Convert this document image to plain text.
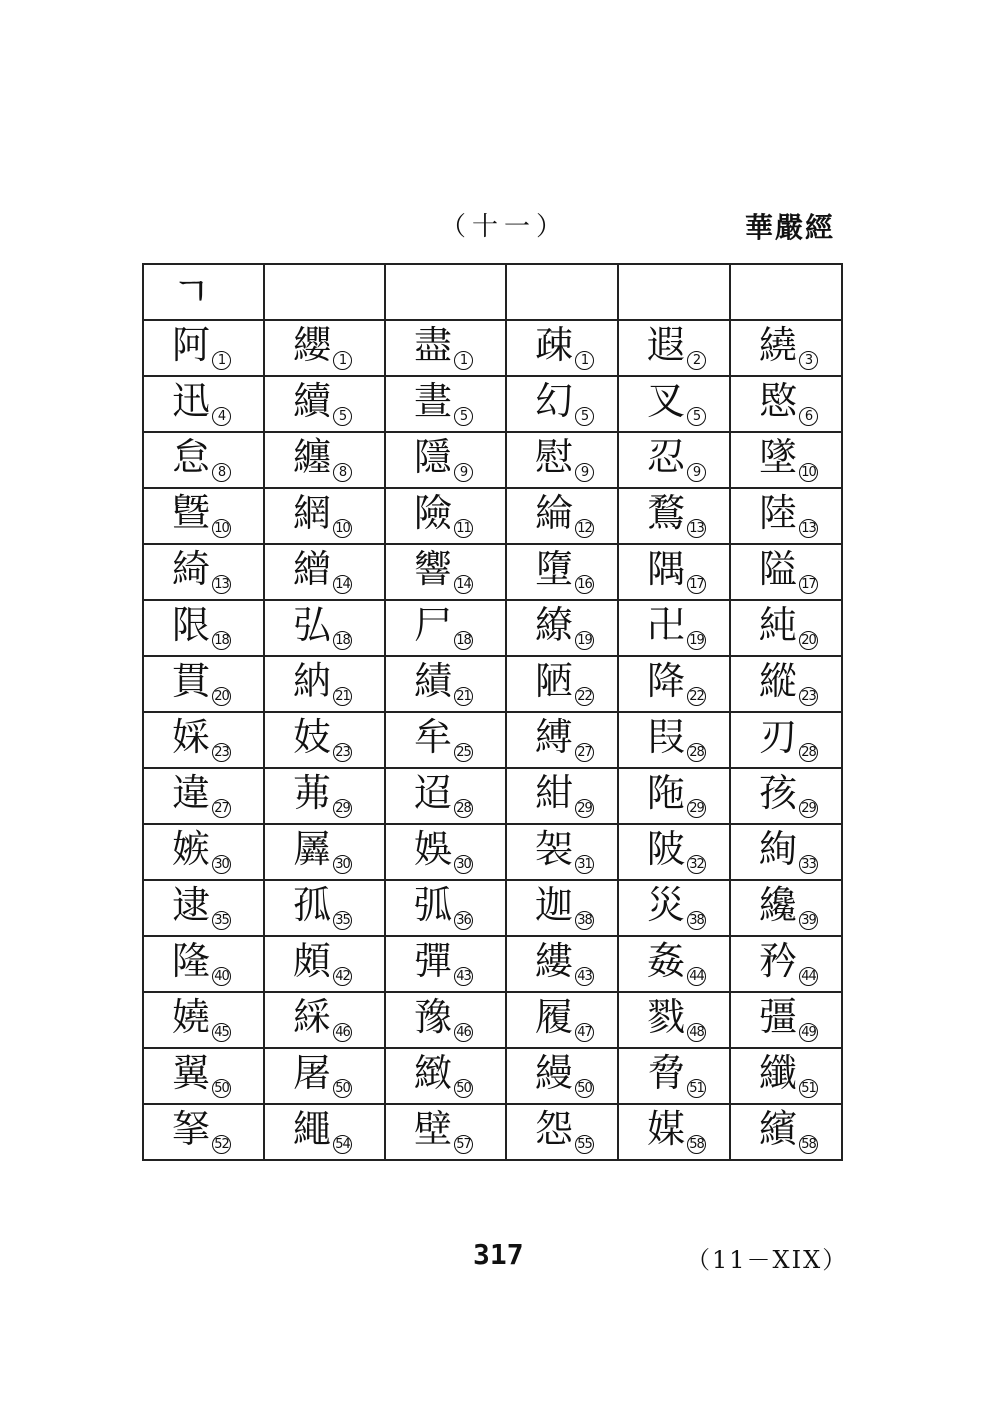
（十一）	華嚴經
ㄱ					
阿 1	纓 1	盡 1	疎 1	遐 2	繞 3
迅 4	續 5	晝 5	幻 5	叉 5	愍 6
怠 8	纏 8	隱 9	慰 9	忍 9	墜 10
曁 10	網 10	險 11	綸 12	鶩 13	陸 13
綺 13	繒 14	響 14	墮 16	隅 17	隘 17
限 18	弘 18	尸 18	繚 19	卍 19	純 20
貫 20	納 21	績 21	陋 22	降 22	縱 23
婇 23	妓 23	牟 25	縛 27	叚 28	刃 28
違 27	茀 29	迢 28	紺 29	陁 29	孩 29
嫉 30	羼 30	娛 30	袈 31	陂 32	絢 33
逮 35	孤 35	弧 36	迦 38	災 38	纔 39
隆 40	頗 42	彈 43	縷 43	姦 44	矜 44
嬈 45	綵 46	豫 46	履 47	戮 48	彊 49
翼 50	屠 50	緻 50	縵 50	脅 51	纖 51
拏 52	繩 54	壁 57	怨 55	媒 58	繽 58
317	（11－XIX）
